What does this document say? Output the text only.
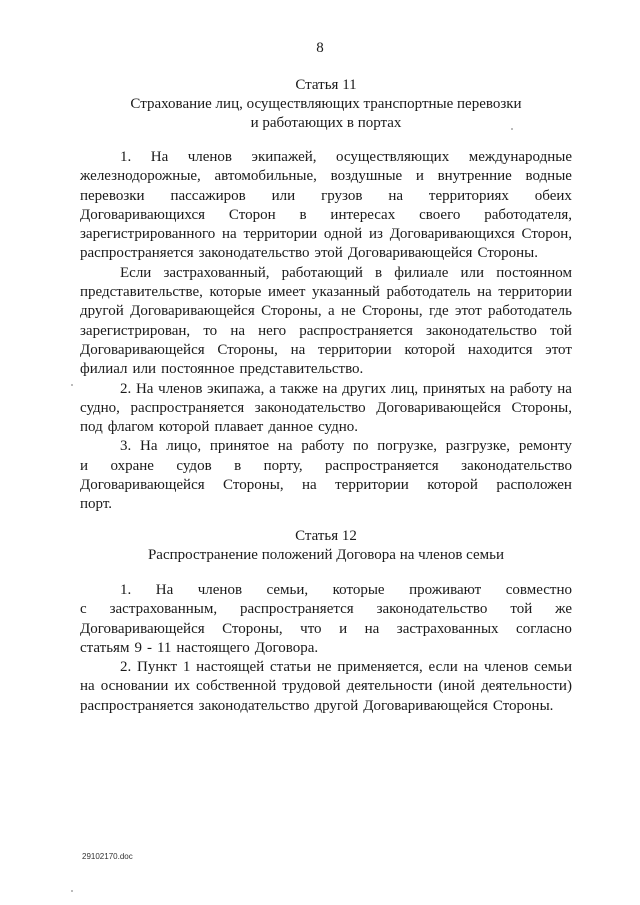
8
Статья 11
Страхование лиц, осуществляющих транспортные перевозки
и работающих в портах
1. На членов экипажей, осуществляющих международные
железнодорожные, автомобильные, воздушные и внутренние водные
перевозки пассажиров или грузов на территориях обеих
Договаривающихся Сторон в интересах своего работодателя,
зарегистрированного на территории одной из Договаривающихся Сторон,
распространяется законодательство этой Договаривающейся Стороны.
Если застрахованный, работающий в филиале или постоянном
представительстве, которые имеет указанный работодатель на территории
другой Договаривающейся Стороны, а не Стороны, где этот работодатель
зарегистрирован, то на него распространяется законодательство той
Договаривающейся Стороны, на территории которой находится этот
филиал или постоянное представительство.
2. На членов экипажа, а также на других лиц, принятых на работу на
судно, распространяется законодательство Договаривающейся Стороны,
под флагом которой плавает данное судно.
3. На лицо, принятое на работу по погрузке, разгрузке, ремонту
и охране судов в порту, распространяется законодательство
Договаривающейся Стороны, на территории которой расположен
порт.
Статья 12
Распространение положений Договора на членов семьи
1. На членов семьи, которые проживают совместно
с застрахованным, распространяется законодательство той же
Договаривающейся Стороны, что и на застрахованных согласно
статьям 9 - 11 настоящего Договора.
2. Пункт 1 настоящей статьи не применяется, если на членов семьи
на основании их собственной трудовой деятельности (иной деятельности)
распространяется законодательство другой Договаривающейся Стороны.
29102170.doc
